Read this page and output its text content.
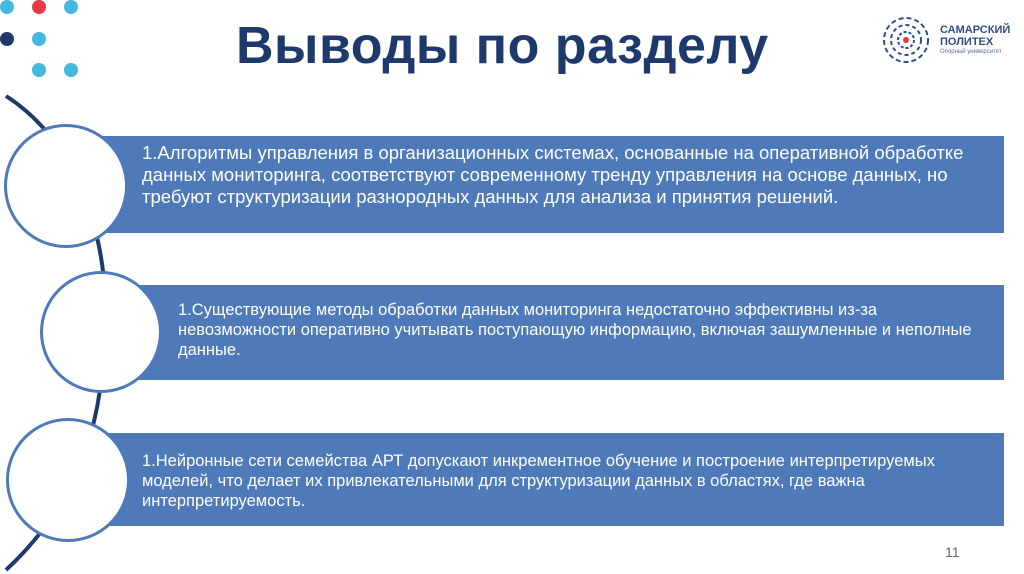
Выводы по разделу	САМАРСКИЙ
ПОЛИТЕХ
Опорный университет
1.Алгоритмы управления в организационных системах, основанные на оперативной обработке данных мониторинга, соответствуют современному тренду управления на основе данных, но требуют структуризации разнородных данных для анализа и принятия решений.
1.Существующие методы обработки данных мониторинга недостаточно эффективны из-за невозможности оперативно учитывать поступающую информацию, включая зашумленные и неполные данные.
1.Нейронные сети семейства АРТ допускают инкрементное обучение и построение интерпретируемых моделей, что делает их привлекательными для структуризации данных в областях, где важна интерпретируемость.
11
